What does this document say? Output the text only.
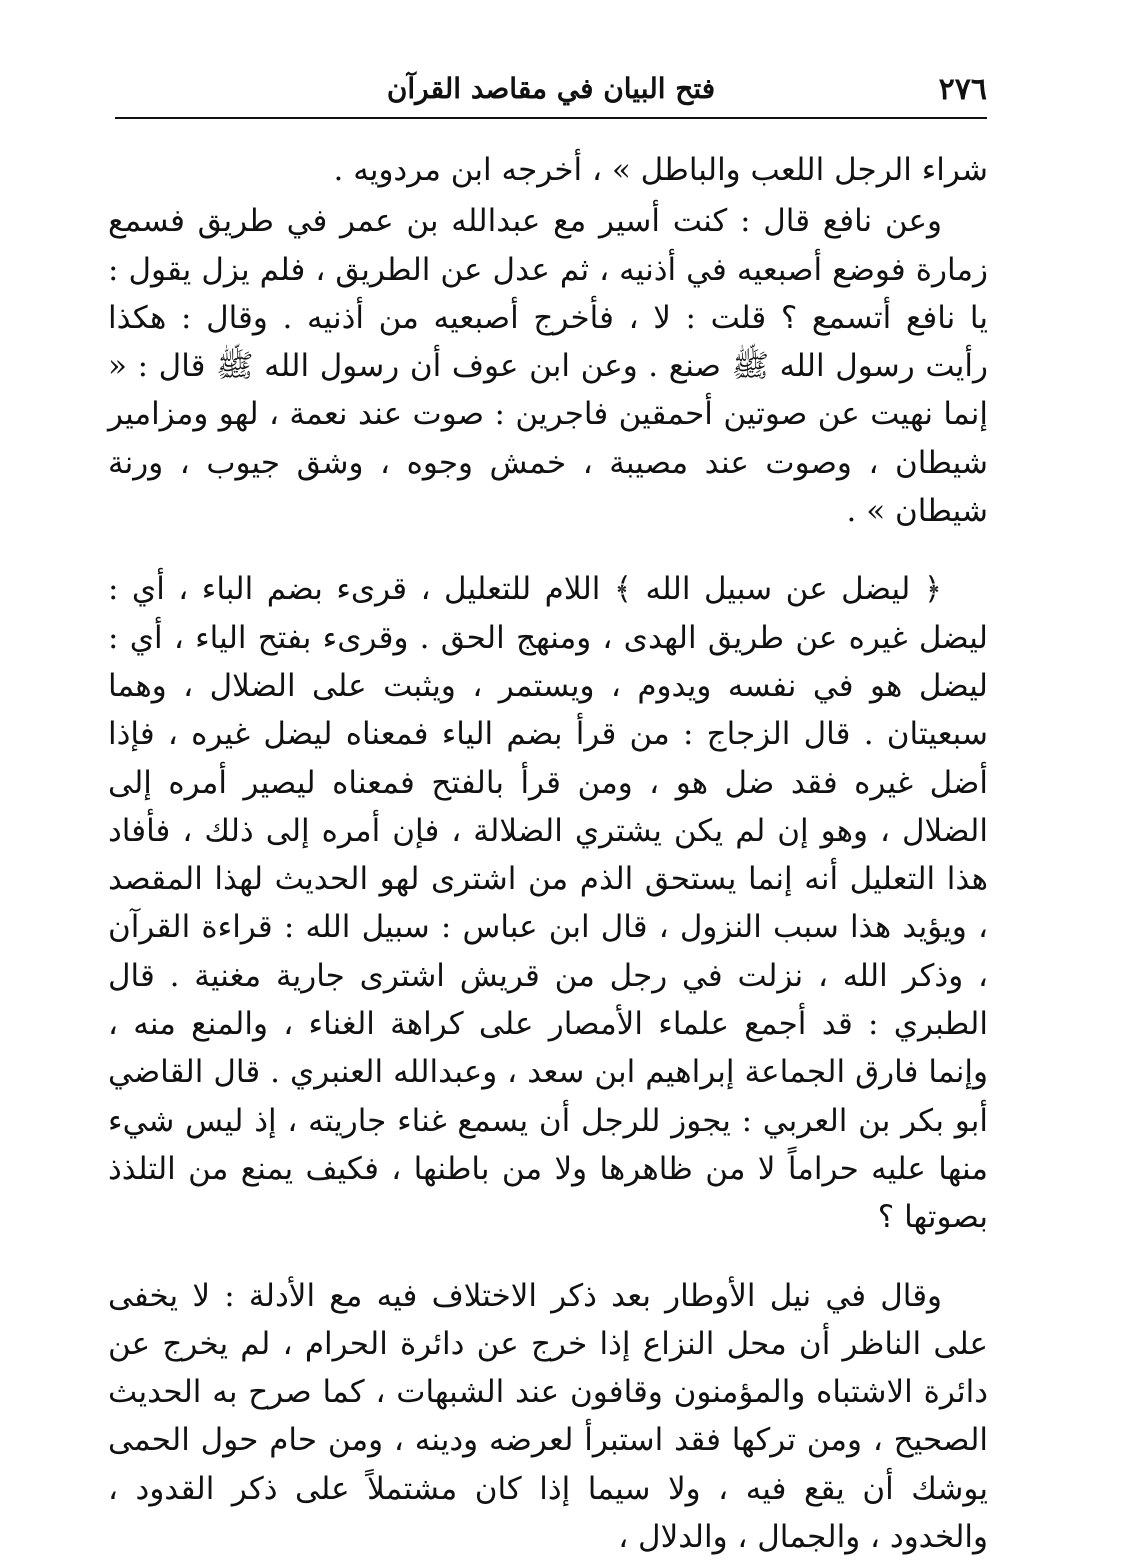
٢٧٦
فتح البيان في مقاصد القرآن

شراء الرجل اللعب والباطل » ، أخرجه ابن مردويه .

وعن نافع قال : كنت أسير مع عبدالله بن عمر في طريق فسمع زمارة فوضع أصبعيه في أذنيه ، ثم عدل عن الطريق ، فلم يزل يقول : يا نافع أتسمع ؟ قلت : لا ، فأخرج أصبعيه من أذنيه . وقال : هكذا رأيت رسول الله ﷺ صنع . وعن ابن عوف أن رسول الله ﷺ قال : « إنما نهيت عن صوتين أحمقين فاجرين : صوت عند نعمة ، لهو ومزامير شيطان ، وصوت عند مصيبة ، خمش وجوه ، وشق جيوب ، ورنة شيطان » .

﴿ ليضل عن سبيل الله ﴾ اللام للتعليل ، قرىء بضم الباء ، أي : ليضل غيره عن طريق الهدى ، ومنهج الحق . وقرىء بفتح الياء ، أي : ليضل هو في نفسه ويدوم ، ويستمر ، ويثبت على الضلال ، وهما سبعيتان . قال الزجاج : من قرأ بضم الياء فمعناه ليضل غيره ، فإذا أضل غيره فقد ضل هو ، ومن قرأ بالفتح فمعناه ليصير أمره إلى الضلال ، وهو إن لم يكن يشتري الضلالة ، فإن أمره إلى ذلك ، فأفاد هذا التعليل أنه إنما يستحق الذم من اشترى لهو الحديث لهذا المقصد ، ويؤيد هذا سبب النزول ، قال ابن عباس : سبيل الله : قراءة القرآن ، وذكر الله ، نزلت في رجل من قريش اشترى جارية مغنية . قال الطبري : قد أجمع علماء الأمصار على كراهة الغناء ، والمنع منه ، وإنما فارق الجماعة إبراهيم ابن سعد ، وعبدالله العنبري . قال القاضي أبو بكر بن العربي : يجوز للرجل أن يسمع غناء جاريته ، إذ ليس شيء منها عليه حراماً لا من ظاهرها ولا من باطنها ، فكيف يمنع من التلذذ بصوتها ؟

وقال في نيل الأوطار بعد ذكر الاختلاف فيه مع الأدلة : لا يخفى على الناظر أن محل النزاع إذا خرج عن دائرة الحرام ، لم يخرج عن دائرة الاشتباه والمؤمنون وقافون عند الشبهات ، كما صرح به الحديث الصحيح ، ومن تركها فقد استبرأ لعرضه ودينه ، ومن حام حول الحمى يوشك أن يقع فيه ، ولا سيما إذا كان مشتملاً على ذكر القدود ، والخدود ، والجمال ، والدلال ،
